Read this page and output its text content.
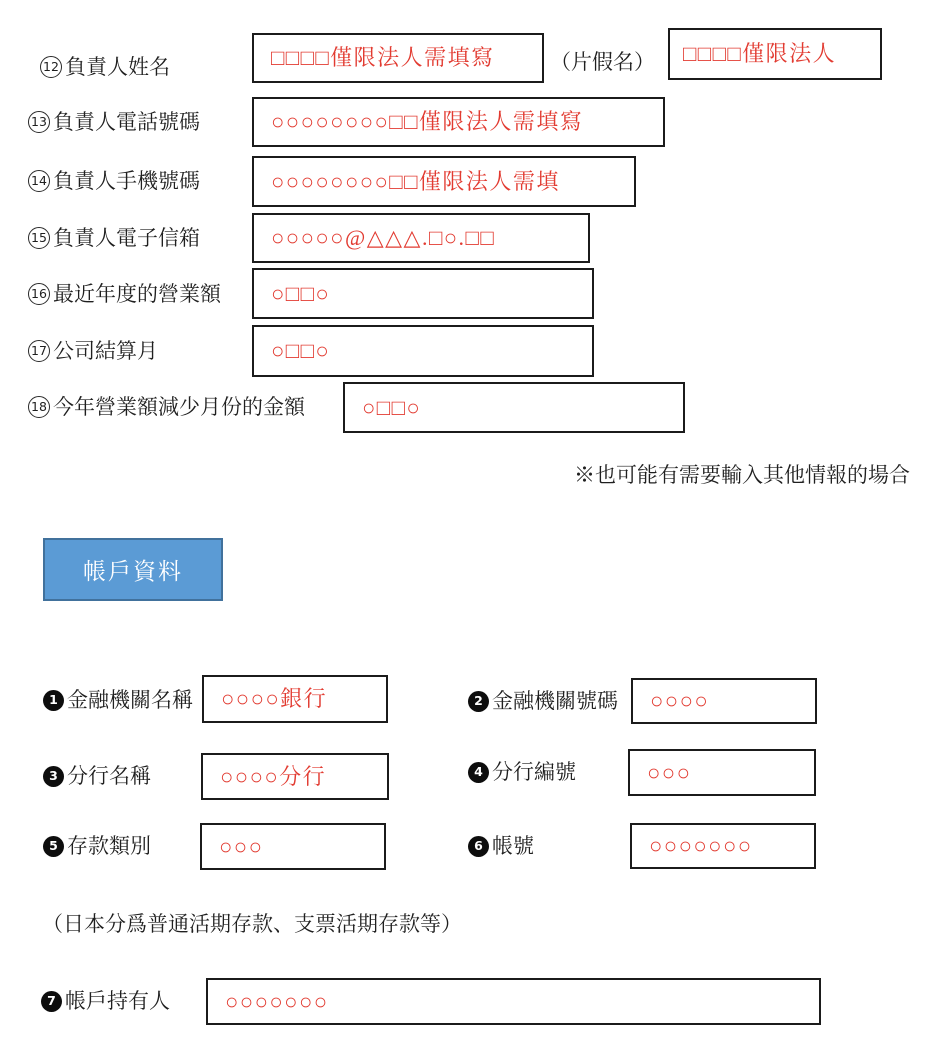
12 負責人姓名	□□□□僅限法人需填寫	（片假名） □□□□僅限法人
13 負責人電話號碼	○○○○○○○○□□僅限法人需填寫
14 負責人手機號碼	○○○○○○○○□□僅限法人需填
15 負責人電子信箱	○○○○○@△△△.□○.□□
16 最近年度的營業額 ○□□○
17 公司結算月	○□□○
18 今年營業額減少月份的金額	○□□○
※也可能有需要輸入其他情報的場合
帳戶資料
1 金融機關名稱 ○○○○銀行	2 金融機關號碼 ○○○○
3 分行名稱	○○○○分行	4 分行編號	○○○
5 存款類別	○○○	6 帳號	○○○○○○○
（日本分爲普通活期存款、支票活期存款等）
7 帳戶持有人	○○○○○○○
